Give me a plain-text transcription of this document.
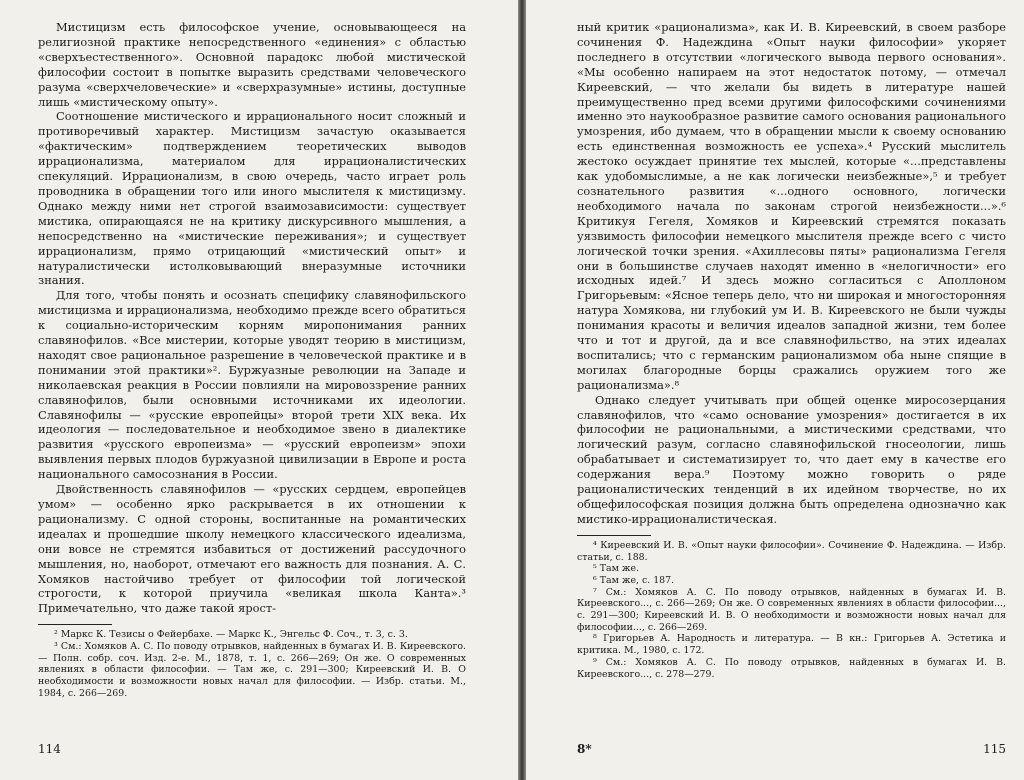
Мистицизм есть философское учение, основывающееся на религиозной практике непосредственного «единения» с областью «сверхъестественного». Основной парадокс любой мистической философии состоит в попытке выразить средствами человеческого разума «сверхчеловеческие» и «сверхразумные» истины, доступные лишь «мистическому опыту».

Соотношение мистического и иррационального носит сложный и противоречивый характер. Мистицизм зачастую оказывается «фактическим» подтверждением теоретических выводов иррационализма, материалом для иррационалистических спекуляций. Иррационализм, в свою очередь, часто играет роль проводника в обращении того или иного мыслителя к мистицизму. Однако между ними нет строгой взаимозависимости: существует мистика, опирающаяся не на критику дискурсивного мышления, а непосредственно на «мистические переживания»; и существует иррационализм, прямо отрицающий «мистический опыт» и натуралистически истолковывающий внеразумные источники знания.

Для того, чтобы понять и осознать специфику славянофильского мистицизма и иррационализма, необходимо прежде всего обратиться к социально-историческим корням миропонимания ранних славянофилов. «Все мистерии, которые уводят теорию в мистицизм, находят свое рациональное разрешение в человеческой практике и в понимании этой практики»². Буржуазные революции на Западе и николаевская реакция в России повлияли на мировоззрение ранних славянофилов, были основными источниками их идеологии. Славянофилы — «русские европейцы» второй трети XIX века. Их идеология — последовательное и необходимое звено в диалектике развития «русского европеизма» — «русский европеизм» эпохи выявления первых плодов буржуазной цивилизации в Европе и роста национального самосознания в России.

Двойственность славянофилов — «русских сердцем, европейцев умом» — особенно ярко раскрывается в их отношении к рационализму. С одной стороны, воспитанные на романтических идеалах и прошедшие школу немецкого классического идеализма, они вовсе не стремятся избавиться от достижений рассудочного мышления, но, наоборот, отмечают его важность для познания. А. С. Хомяков настойчиво требует от философии той логической строгости, к которой приучила «великая школа Канта».³ Примечательно, что даже такой ярост-

² Маркс К. Тезисы о Фейербахе. — Маркс К., Энгельс Ф. Соч., т. 3, с. 3.

³ См.: Хомяков А. С. По поводу отрывков, найденных в бумагах И. В. Киреевского. — Полн. собр. соч. Изд. 2-е. М., 1878, т. 1, с. 266—269; Он же. О современных явлениях в области философии. — Там же, с. 291—300; Киреевский И. В. О необходимости и возможности новых начал для философии. — Избр. статьи. М., 1984, с. 266—269.

114

ный критик «рационализма», как И. В. Киреевский, в своем разборе сочинения Ф. Надеждина «Опыт науки философии» укоряет последнего в отсутствии «логического вывода первого основания». «Мы особенно напираем на этот недостаток потому, — отмечал Киреевский, — что желали бы видеть в литературе нашей преимущественно пред всеми другими философскими сочинениями именно это наукообразное развитие самого основания рационального умозрения, ибо думаем, что в обращении мысли к своему основанию есть единственная возможность ее успеха».⁴ Русский мыслитель жестоко осуждает принятие тех мыслей, которые «...представлены как удобомыслимые, а не как логически неизбежные»,⁵ и требует сознательного развития «...одного основного, логически необходимого начала по законам строгой неизбежности...».⁶ Критикуя Гегеля, Хомяков и Киреевский стремятся показать уязвимость философии немецкого мыслителя прежде всего с чисто логической точки зрения. «Ахиллесовы пяты» рационализма Гегеля они в большинстве случаев находят именно в «нелогичности» его исходных идей.⁷ И здесь можно согласиться с Аполлоном Григорьевым: «Ясное теперь дело, что ни широкая и многосторонняя натура Хомякова, ни глубокий ум И. В. Киреевского не были чужды понимания красоты и величия идеалов западной жизни, тем более что и тот и другой, да и все славянофильство, на этих идеалах воспитались; что с германским рационализмом оба ныне спящие в могилах благородные борцы сражались оружием того же рационализма».⁸

Однако следует учитывать при общей оценке миросозерцания славянофилов, что «само основание умозрения» достигается в их философии не рациональными, а мистическими средствами, что логический разум, согласно славянофильской гносеологии, лишь обрабатывает и систематизирует то, что дает ему в качестве его содержания вера.⁹ Поэтому можно говорить о ряде рационалистических тенденций в их идейном творчестве, но их общефилософская позиция должна быть определена однозначно как мистико-иррационалистическая.

⁴ Киреевский И. В. «Опыт науки философии». Сочинение Ф. Надеждина. — Избр. статьи, с. 188.

⁵ Там же.

⁶ Там же, с. 187.

⁷ См.: Хомяков А. С. По поводу отрывков, найденных в бумагах И. В. Киреевского..., с. 266—269; Он же. О современных явлениях в области философии..., с. 291—300; Киреевский И. В. О необходимости и возможности новых начал для философии..., с. 266—269.

⁸ Григорьев А. Народность и литература. — В кн.: Григорьев А. Эстетика и критика. М., 1980, с. 172.

⁹ См.: Хомяков А. С. По поводу отрывков, найденных в бумагах И. В. Киреевского..., с. 278—279.

8*	115
